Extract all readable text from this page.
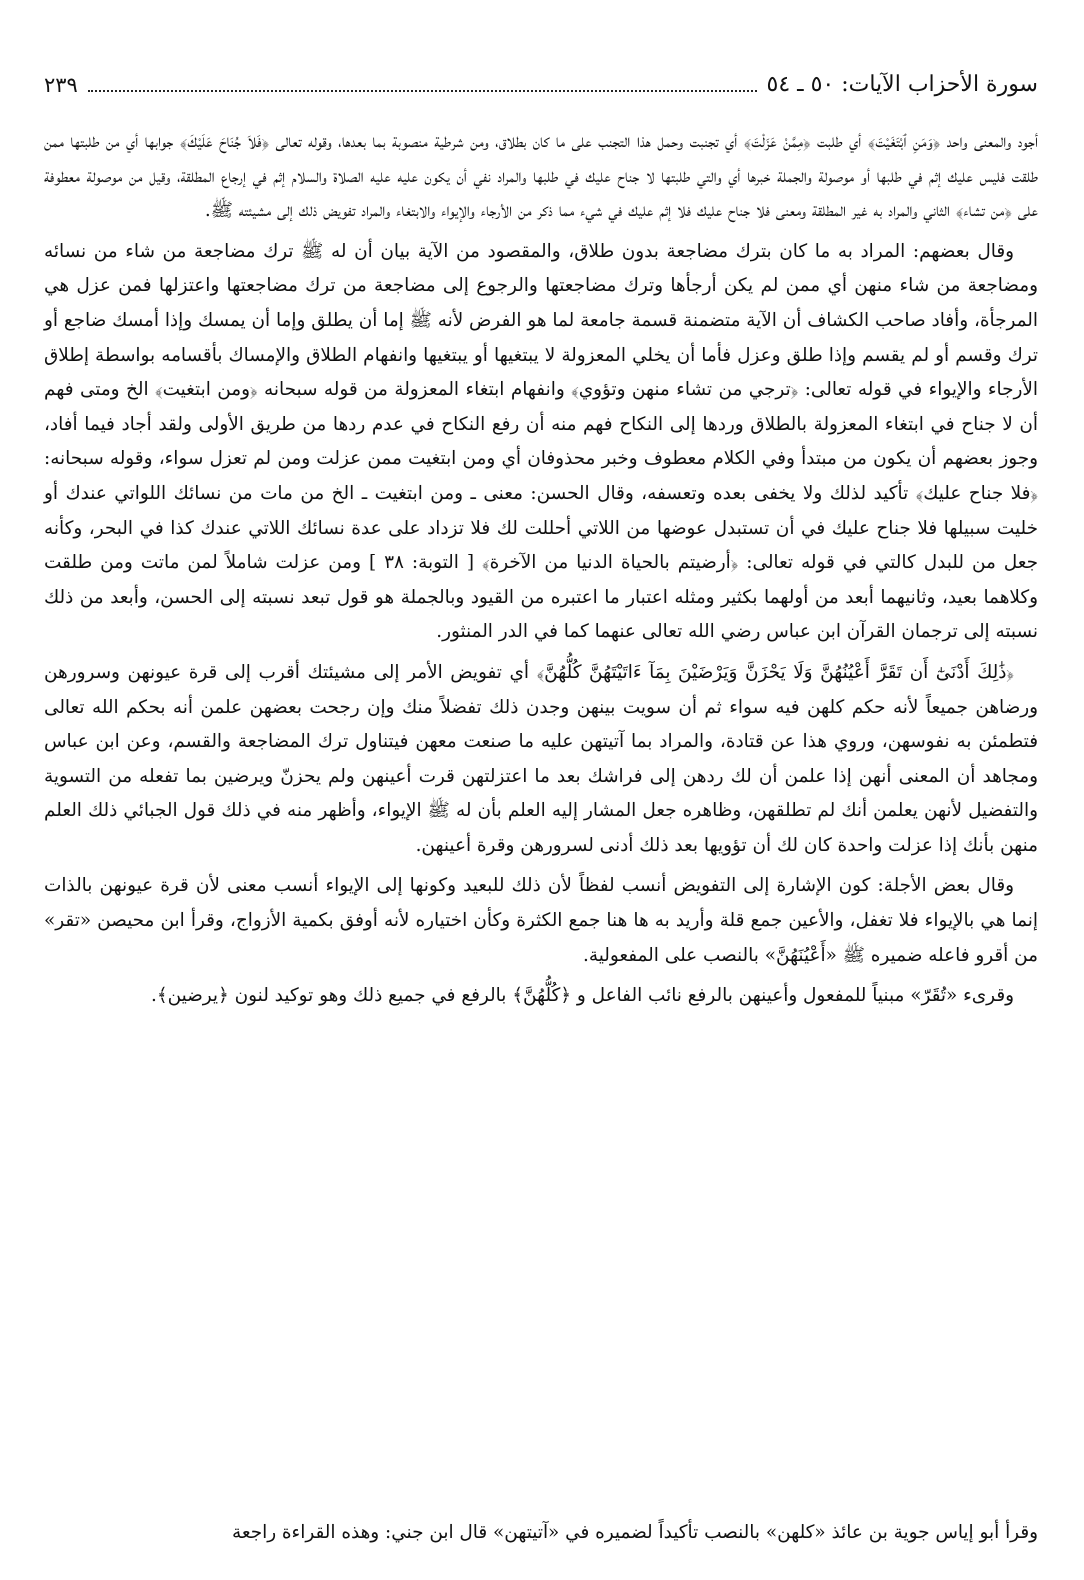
سورة الأحزاب الآيات: ٥٠ ـ ٥٤
٢٣٩

أجود والمعنى واحد ﴿وَمَنِ ٱبْتَغَيْتَ﴾ أي طلبت ﴿مِمَّنْ عَزَلْتَ﴾ أي تجنبت وحمل هذا التجنب على ما كان بطلاق، ومن شرطية منصوبة بما بعدها، وقوله تعالى ﴿فَلاَ جُنَاحَ عَلَيْكَ﴾ جوابها أي من طلبتها ممن طلقت فليس عليك إثم في طلبها أو موصولة والجملة خبرها أي والتي طلبتها لا جناح عليك في طلبها والمراد نفي أن يكون عليه عليه الصلاة والسلام إثم في إرجاع المطلقة، وقيل من موصولة معطوفة على ﴿من تشاء﴾ الثاني والمراد به غير المطلقة ومعنى فلا جناح عليك فلا إثم عليك في شيء مما ذكر من الأرجاء والإيواء والابتغاء والمراد تفويض ذلك إلى مشيئته ﷺ.

وقال بعضهم: المراد به ما كان بترك مضاجعة بدون طلاق، والمقصود من الآية بيان أن له ﷺ ترك مضاجعة من شاء من نسائه ومضاجعة من شاء منهن أي ممن لم يكن أرجأها وترك مضاجعتها والرجوع إلى مضاجعة من ترك مضاجعتها واعتزلها فمن عزل هي المرجأة، وأفاد صاحب الكشاف أن الآية متضمنة قسمة جامعة لما هو الفرض لأنه ﷺ إما أن يطلق وإما أن يمسك وإذا أمسك ضاجع أو ترك وقسم أو لم يقسم وإذا طلق وعزل فأما أن يخلي المعزولة لا يبتغيها أو يبتغيها وانفهام الطلاق والإمساك بأقسامه بواسطة إطلاق الأرجاء والإيواء في قوله تعالى: ﴿ترجي من تشاء منهن وتؤوي﴾ وانفهام ابتغاء المعزولة من قوله سبحانه ﴿ومن ابتغيت﴾ الخ ومتى فهم أن لا جناح في ابتغاء المعزولة بالطلاق وردها إلى النكاح فهم منه أن رفع النكاح في عدم ردها من طريق الأولى ولقد أجاد فيما أفاد، وجوز بعضهم أن يكون من مبتدأ وفي الكلام معطوف وخبر محذوفان أي ومن ابتغيت ممن عزلت ومن لم تعزل سواء، وقوله سبحانه: ﴿فلا جناح عليك﴾ تأكيد لذلك ولا يخفى بعده وتعسفه، وقال الحسن: معنى ـ ومن ابتغيت ـ الخ من مات من نسائك اللواتي عندك أو خليت سبيلها فلا جناح عليك في أن تستبدل عوضها من اللاتي أحللت لك فلا تزداد على عدة نسائك اللاتي عندك كذا في البحر، وكأنه جعل من للبدل كالتي في قوله تعالى: ﴿أرضيتم بالحياة الدنيا من الآخرة﴾ [ التوبة: ٣٨ ] ومن عزلت شاملاً لمن ماتت ومن طلقت وكلاهما بعيد، وثانيهما أبعد من أولهما بكثير ومثله اعتبار ما اعتبره من القيود وبالجملة هو قول تبعد نسبته إلى الحسن، وأبعد من ذلك نسبته إلى ترجمان القرآن ابن عباس رضي الله تعالى عنهما كما في الدر المنثور.

﴿ذَٰلِكَ أَدْنَىٰٓ أَن تَقَرَّ أَعْيُنُهُنَّ وَلَا يَحْزَنَّ وَيَرْضَيْنَ بِمَآ ءَاتَيْتَهُنَّ كُلُّهُنَّ﴾ أي تفويض الأمر إلى مشيئتك أقرب إلى قرة عيونهن وسرورهن ورضاهن جميعاً لأنه حكم كلهن فيه سواء ثم أن سويت بينهن وجدن ذلك تفضلاً منك وإن رجحت بعضهن علمن أنه بحكم الله تعالى فتطمئن به نفوسهن، وروي هذا عن قتادة، والمراد بما آتيتهن عليه ما صنعت معهن فيتناول ترك المضاجعة والقسم، وعن ابن عباس ومجاهد أن المعنى أنهن إذا علمن أن لك ردهن إلى فراشك بعد ما اعتزلتهن قرت أعينهن ولم يحزنّ ويرضين بما تفعله من التسوية والتفضيل لأنهن يعلمن أنك لم تطلقهن، وظاهره جعل المشار إليه العلم بأن له ﷺ الإيواء، وأظهر منه في ذلك قول الجبائي ذلك العلم منهن بأنك إذا عزلت واحدة كان لك أن تؤويها بعد ذلك أدنى لسرورهن وقرة أعينهن.

وقال بعض الأجلة: كون الإشارة إلى التفويض أنسب لفظاً لأن ذلك للبعيد وكونها إلى الإيواء أنسب معنى لأن قرة عيونهن بالذات إنما هي بالإيواء فلا تغفل، والأعين جمع قلة وأريد به ها هنا جمع الكثرة وكأن اختياره لأنه أوفق بكمية الأزواج، وقرأ ابن محيصن «تقر» من أقرو فاعله ضميره ﷺ «أَعْيُنَهُنَّ» بالنصب على المفعولية.

وقرىء «تُقَرّ» مبنياً للمفعول وأعينهن بالرفع نائب الفاعل و ﴿كُلُّهُنَّ﴾ بالرفع في جميع ذلك وهو توكيد لنون ﴿يرضين﴾.

وقرأ أبو إياس جوية بن عائذ «كلهن» بالنصب تأكيداً لضميره في «آتيتهن» قال ابن جني: وهذه القراءة راجعة
